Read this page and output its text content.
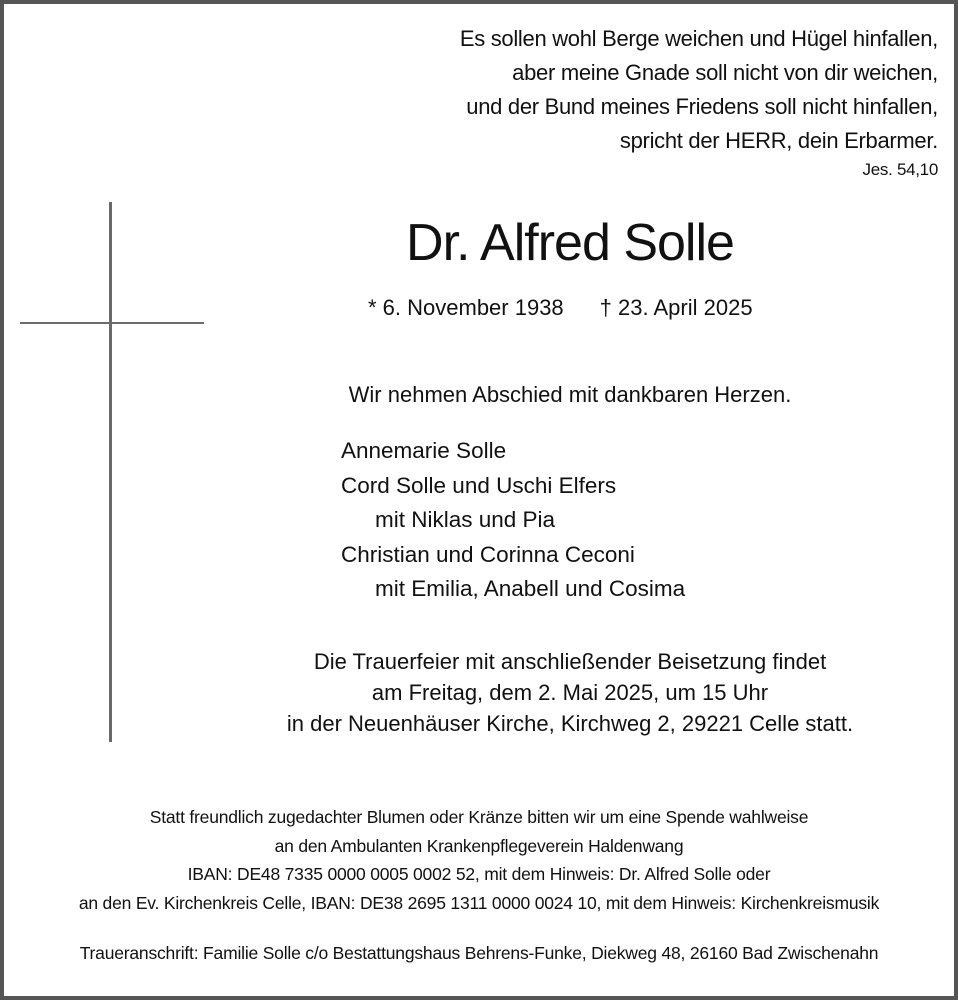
Es sollen wohl Berge weichen und Hügel hinfallen,
aber meine Gnade soll nicht von dir weichen,
und der Bund meines Friedens soll nicht hinfallen,
spricht der HERR, dein Erbarmer.
Jes. 54,10
Dr. Alfred Solle
* 6. November 1938 † 23. April 2025
Wir nehmen Abschied mit dankbaren Herzen.
Annemarie Solle
Cord Solle und Uschi Elfers
mit Niklas und Pia
Christian und Corinna Ceconi
mit Emilia, Anabell und Cosima
Die Trauerfeier mit anschließender Beisetzung findet
am Freitag, dem 2. Mai 2025, um 15 Uhr
in der Neuenhäuser Kirche, Kirchweg 2, 29221 Celle statt.
Statt freundlich zugedachter Blumen oder Kränze bitten wir um eine Spende wahlweise
an den Ambulanten Krankenpflegeverein Haldenwang
IBAN: DE48 7335 0000 0005 0002 52, mit dem Hinweis: Dr. Alfred Solle oder
an den Ev. Kirchenkreis Celle, IBAN: DE38 2695 1311 0000 0024 10, mit dem Hinweis: Kirchenkreismusik
Traueranschrift: Familie Solle c/o Bestattungshaus Behrens-Funke, Diekweg 48, 26160 Bad Zwischenahn
